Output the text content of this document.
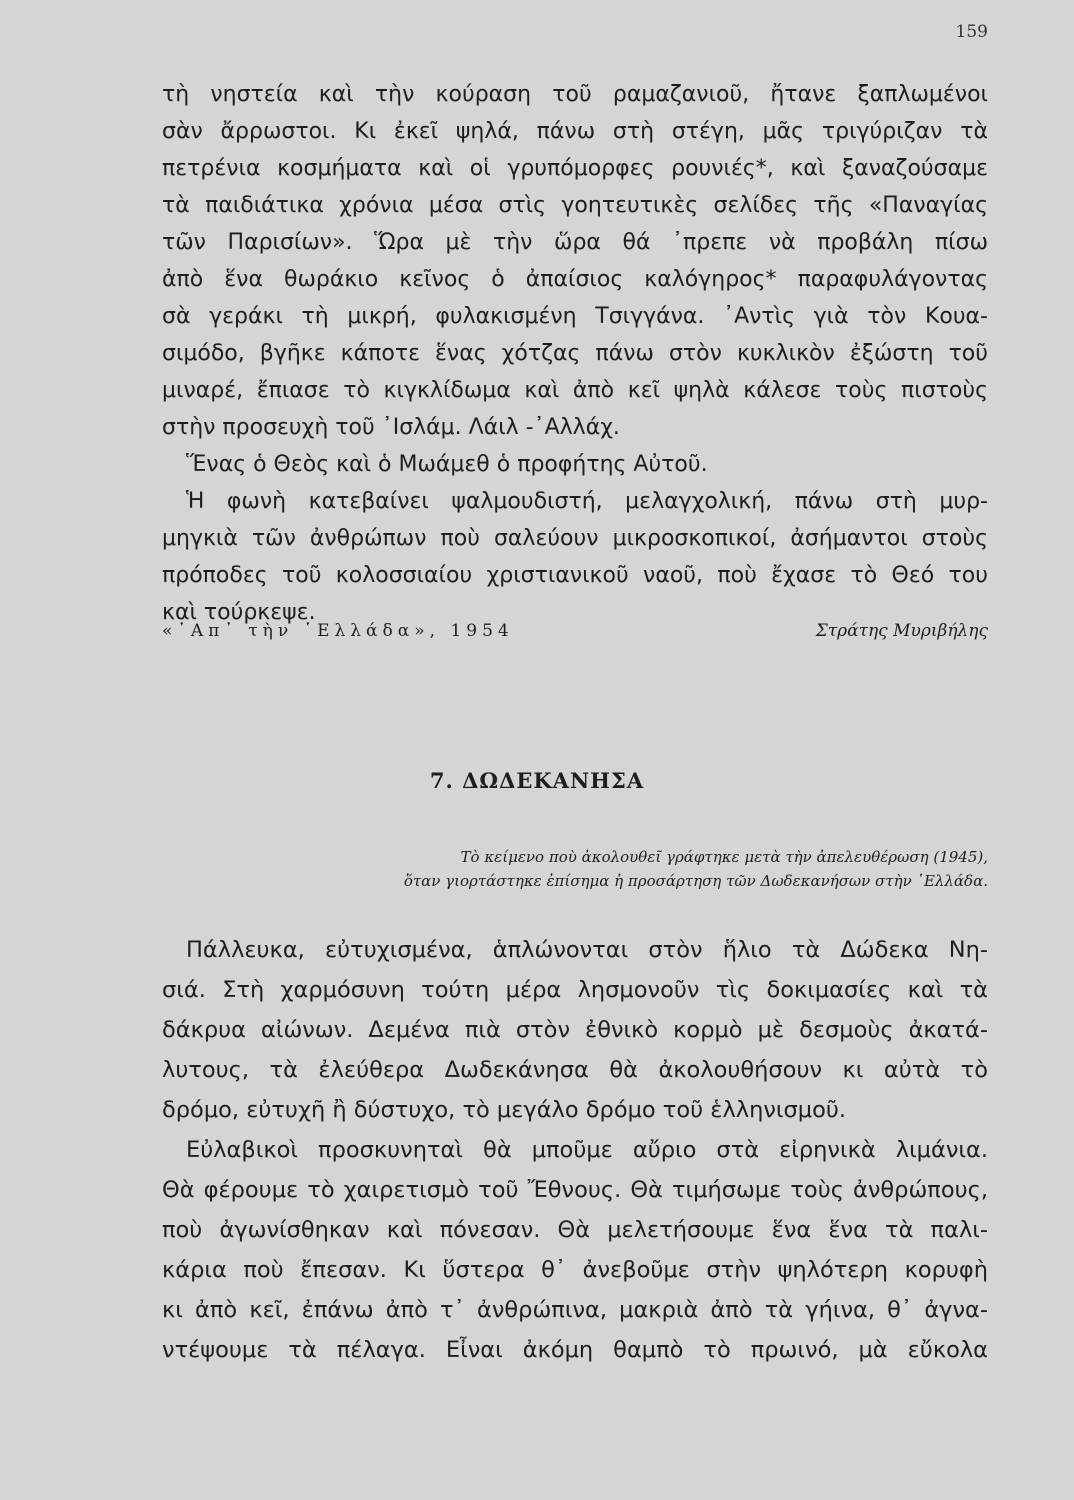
159
τὴ νηστεία καὶ τὴν κούραση τοῦ ραμαζανιοῦ, ἤτανε ξαπλωμένοι
σὰν ἄρρωστοι. Κι ἐκεῖ ψηλά, πάνω στὴ στέγη, μᾶς τριγύριζαν τὰ
πετρένια κοσμήματα καὶ οἱ γρυπόμορφες ρουνιές*, καὶ ξαναζούσαμε
τὰ παιδιάτικα χρόνια μέσα στὶς γοητευτικὲς σελίδες τῆς «Παναγίας
τῶν Παρισίων». Ὥρα μὲ τὴν ὥρα θά ᾿πρεπε νὰ προβάλη πίσω
ἀπὸ ἕνα θωράκιο κεῖνος ὁ ἀπαίσιος καλόγηρος* παραφυλάγοντας
σὰ γεράκι τὴ μικρή, φυλακισμένη Τσιγγάνα. ᾿Αντὶς γιὰ τὸν Κουα-
σιμόδο, βγῆκε κάποτε ἕνας χότζας πάνω στὸν κυκλικὸν ἐξώστη τοῦ
μιναρέ, ἔπιασε τὸ κιγκλίδωμα καὶ ἀπὸ κεῖ ψηλὰ κάλεσε τοὺς πιστοὺς
στὴν προσευχὴ τοῦ ᾿Ισλάμ. Λάιλ -᾿Αλλάχ.
Ἕνας ὁ Θεὸς καὶ ὁ Μωάμεθ ὁ προφήτης Αὐτοῦ.
Ἡ φωνὴ κατεβαίνει ψαλμουδιστή, μελαγχολική, πάνω στὴ μυρ-
μηγκιὰ τῶν ἀνθρώπων ποὺ σαλεύουν μικροσκοπικοί, ἀσήμαντοι στοὺς
πρόποδες τοῦ κολοσσιαίου χριστιανικοῦ ναοῦ, ποὺ ἔχασε τὸ Θεό του
καὶ τούρκεψε.
«᾿Απ᾿ τὴν ῾Ελλάδα», 1954	Στράτης Μυριβήλης
7. ΔΩΔΕΚΑΝΗΣΑ
Τὸ κείμενο ποὺ ἀκολουθεῖ γράφτηκε μετὰ τὴν ἀπελευθέρωση (1945),
ὅταν γιορτάστηκε ἐπίσημα ἡ προσάρτηση τῶν Δωδεκανήσων στὴν ῾Ελλάδα.
Πάλλευκα, εὐτυχισμένα, ἁπλώνονται στὸν ἥλιο τὰ Δώδεκα Νη-
σιά. Στὴ χαρμόσυνη τούτη μέρα λησμονοῦν τὶς δοκιμασίες καὶ τὰ
δάκρυα αἰώνων. Δεμένα πιὰ στὸν ἐθνικὸ κορμὸ μὲ δεσμοὺς ἀκατά-
λυτους, τὰ ἐλεύθερα Δωδεκάνησα θὰ ἀκολουθήσουν κι αὐτὰ τὸ
δρόμο, εὐτυχῆ ἢ δύστυχο, τὸ μεγάλο δρόμο τοῦ ἑλληνισμοῦ.
Εὐλαβικοὶ προσκυνηταὶ θὰ μποῦμε αὔριο στὰ εἰρηνικὰ λιμάνια.
Θὰ φέρουμε τὸ χαιρετισμὸ τοῦ Ἔθνους. Θὰ τιμήσωμε τοὺς ἀνθρώπους,
ποὺ ἀγωνίσθηκαν καὶ πόνεσαν. Θὰ μελετήσουμε ἕνα ἕνα τὰ παλι-
κάρια ποὺ ἔπεσαν. Κι ὕστερα θ᾿ ἀνεβοῦμε στὴν ψηλότερη κορυφὴ
κι ἀπὸ κεῖ, ἐπάνω ἀπὸ τ᾿ ἀνθρώπινα, μακριὰ ἀπὸ τὰ γήινα, θ᾿ ἀγνα-
ντέψουμε τὰ πέλαγα. Εἶναι ἀκόμη θαμπὸ τὸ πρωινό, μὰ εὔκολα
